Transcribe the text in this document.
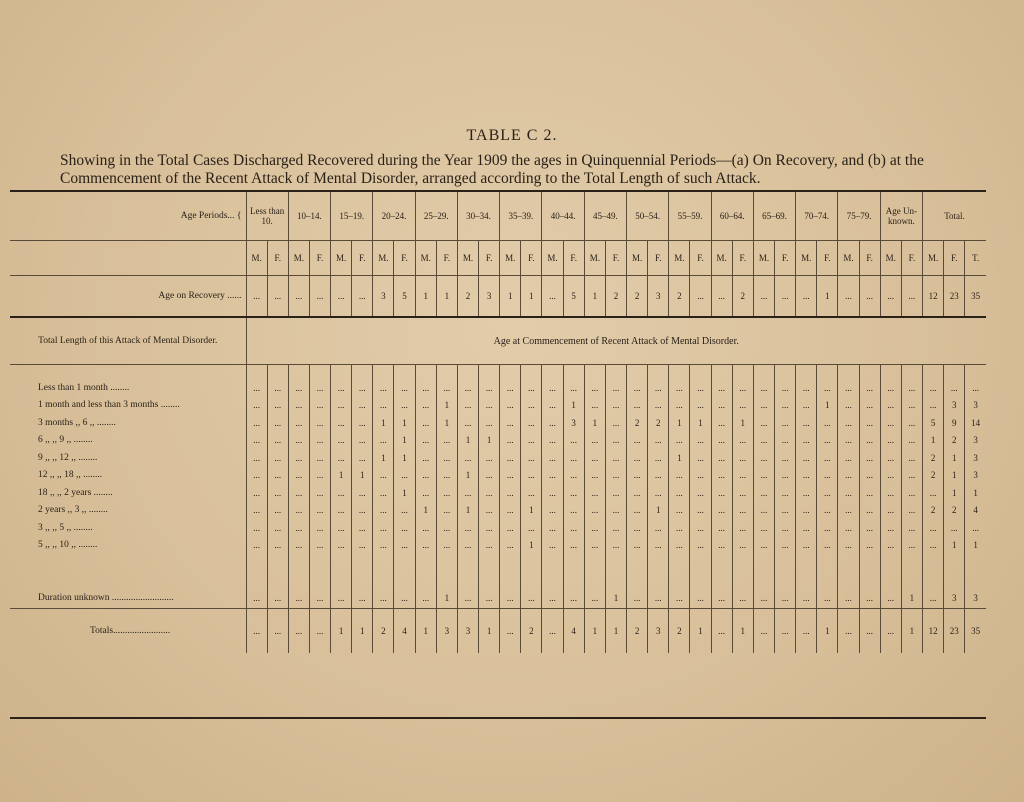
TABLE C 2.
Showing in the Total Cases Discharged Recovered during the Year 1909 the ages in Quinquennial Periods—(a) On Recovery, and (b) at the Commencement of the Recent Attack of Mental Disorder, arranged according to the Total Length of such Attack.
Age Periods... {	Less than 10.		10–14.		15–19.		20–24.		25–29.		30–34.		35–39.		40–44.		45–49.		50–54.		55–59.		60–64.		65–69.		70–74.		75–79.		Age Un-known.		Total.		
	M.	F.	M.	F.	M.	F.	M.	F.	M.	F.	M.	F.	M.	F.	M.	F.	M.	F.	M.	F.	M.	F.	M.	F.	M.	F.	M.	F.	M.	F.	M.	F.	M.	F.	T.
Age on Recovery ......	...	...	...	...	...	...	3	5	1	1	2	3	1	1	...	5	1	2	2	3	2	...	...	2	...	...	...	1	...	...	...	...	12	23	35
Total Length of this Attack of Mental Disorder.	Age at Commencement of Recent Attack of Mental Disorder.																																		

Less than 1 month ........	...	...	...	...	...	...	...	...	...	...	...	...	...	...	...	...	...	...	...	...	...	...	...	...	...	...	...	...	...	...	...	...	...	...	...
1 month and less than 3 months ........	...	...	...	...	...	...	...	...	...	1	...	...	...	...	...	1	...	...	...	...	...	...	...	...	...	...	...	1	...	...	...	...	...	3	3
3 months ,, 6 ,, ........	...	...	...	...	...	...	1	1	...	1	...	...	...	...	...	3	1	...	2	2	1	1	...	1	...	...	...	...	...	...	...	...	5	9	14
6 ,, ,, 9 ,, ........	...	...	...	...	...	...	...	1	...	...	1	1	...	...	...	...	...	...	...	...	...	...	...	...	...	...	...	...	...	...	...	...	1	2	3
9 ,, ,, 12 ,, ........	...	...	...	...	...	...	1	1	...	...	...	...	...	...	...	...	...	...	...	...	1	...	...	...	...	...	...	...	...	...	...	...	2	1	3
12 ,, ,, 18 ,, ........	...	...	...	...	1	1	...	...	...	...	1	...	...	...	...	...	...	...	...	...	...	...	...	...	...	...	...	...	...	...	...	...	2	1	3
18 ,, ,, 2 years ........	...	...	...	...	...	...	...	1	...	...	...	...	...	...	...	...	...	...	...	...	...	...	...	...	...	...	...	...	...	...	...	...	...	1	1
2 years ,, 3 ,, ........	...	...	...	...	...	...	...	...	1	...	1	...	...	1	...	...	...	...	...	1	...	...	...	...	...	...	...	...	...	...	...	...	2	2	4
3 ,, ,, 5 ,, ........	...	...	...	...	...	...	...	...	...	...	...	...	...	...	...	...	...	...	...	...	...	...	...	...	...	...	...	...	...	...	...	...	...	...	...
5 ,, ,, 10 ,, ........	...	...	...	...	...	...	...	...	...	...	...	...	...	1	...	...	...	...	...	...	...	...	...	...	...	...	...	...	...	...	...	...	...	1	1

Duration unknown ..........................	...	...	...	...	...	...	...	...	...	1	...	...	...	...	...	...	...	1	...	...	...	...	...	...	...	...	...	...	...	...	...	1	...	3	3
Totals........................	...	...	...	...	1	1	2	4	1	3	3	1	...	2	...	4	1	1	2	3	2	1	...	1	...	...	...	1	...	...	...	1	12	23	35
